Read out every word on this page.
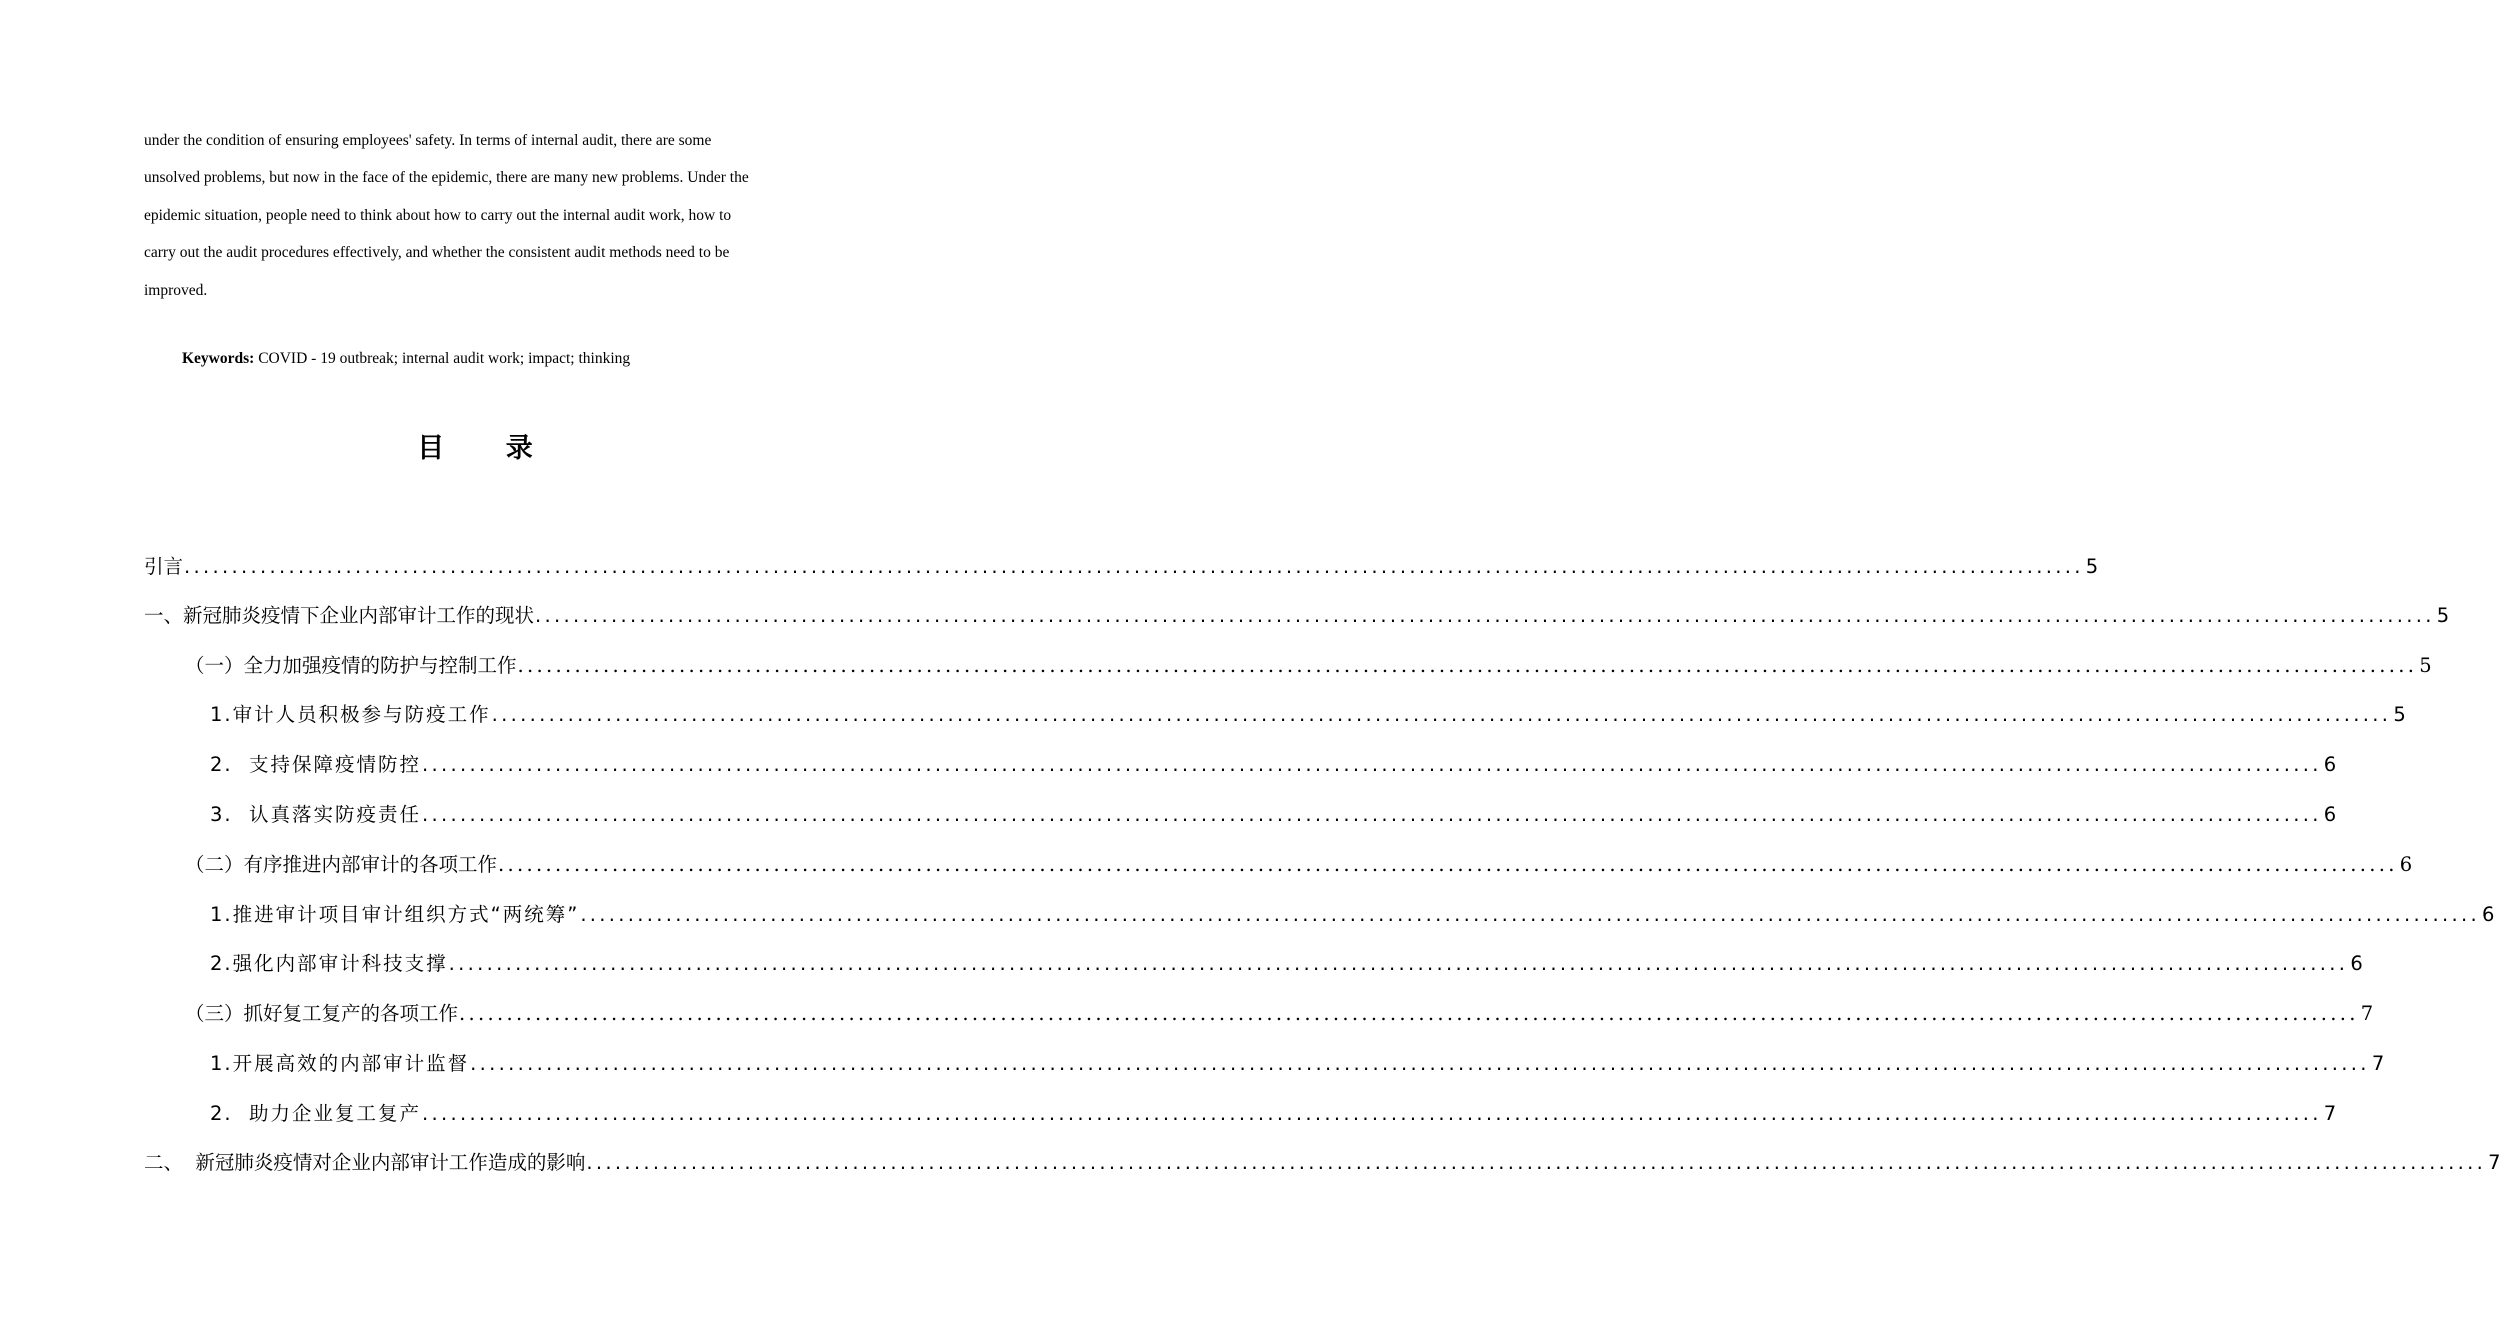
under the condition of ensuring employees' safety. In terms of internal audit, there are some
unsolved problems, but now in the face of the epidemic, there are many new problems. Under the
epidemic situation, people need to think about how to carry out the internal audit work, how to
carry out the audit procedures effectively, and whether the consistent audit methods need to be
improved.
Keywords: COVID - 19 outbreak; internal audit work; impact; thinking
目 录
引言 ........................................................................................................................................................................................................ 5
一、新冠肺炎疫情下企业内部审计工作的现状 ........................................................................................................................................................................................................ 5
（一）全力加强疫情的防护与控制工作 ........................................................................................................................................................................................................ 5
1.审计人员积极参与防疫工作 ........................................................................................................................................................................................................ 5
2.  支持保障疫情防控 ........................................................................................................................................................................................................ 6
3.  认真落实防疫责任 ........................................................................................................................................................................................................ 6
（二）有序推进内部审计的各项工作 ........................................................................................................................................................................................................ 6
1.推进审计项目审计组织方式“两统筹” ........................................................................................................................................................................................................ 6
2.强化内部审计科技支撑 ........................................................................................................................................................................................................ 6
（三）抓好复工复产的各项工作 ........................................................................................................................................................................................................ 7
1.开展高效的内部审计监督 ........................................................................................................................................................................................................ 7
2.  助力企业复工复产 ........................................................................................................................................................................................................ 7
二、  新冠肺炎疫情对企业内部审计工作造成的影响 ........................................................................................................................................................................................................ 7
